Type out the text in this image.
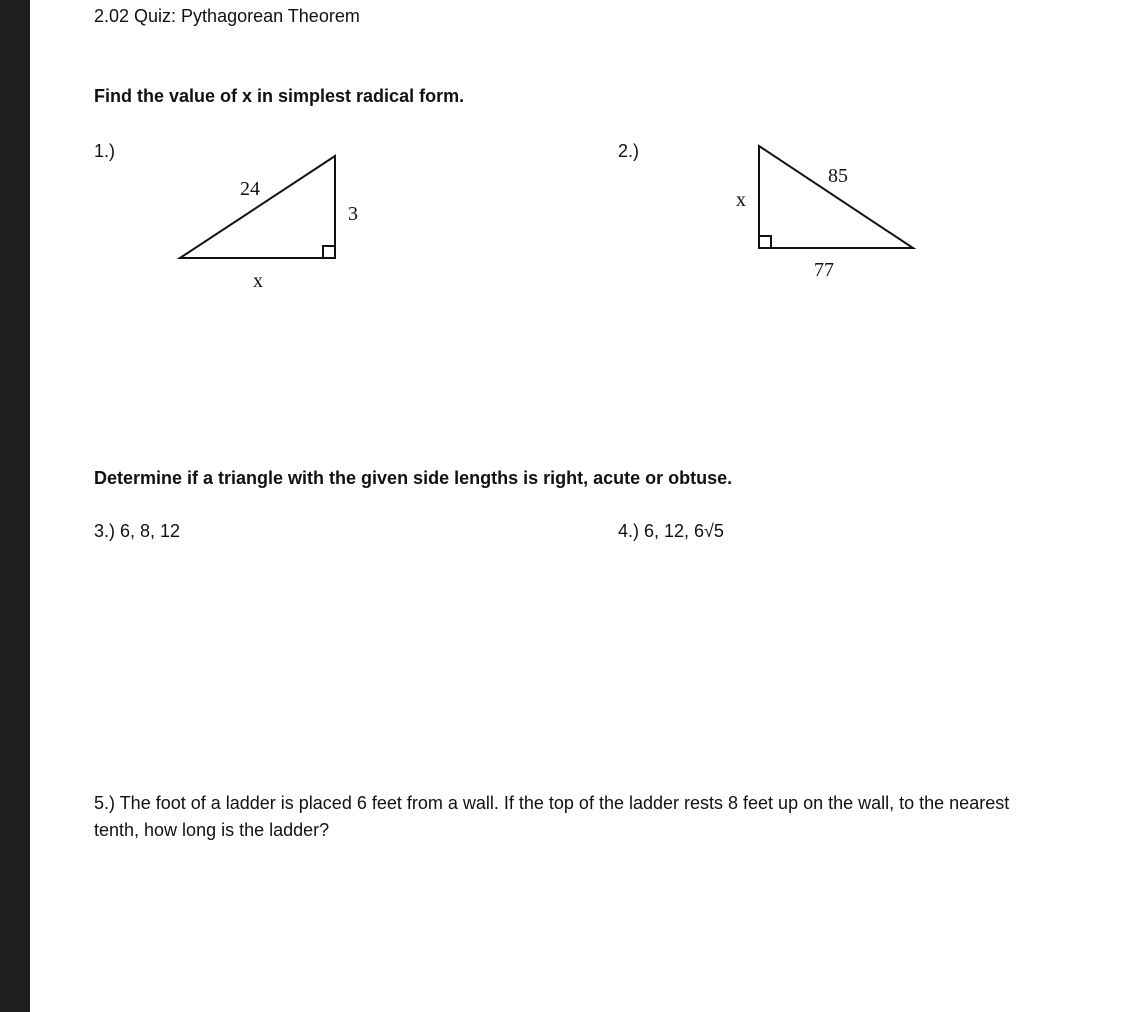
2.02 Quiz: Pythagorean Theorem
Find the value of x in simplest radical form.
1.)
24
3
x
2.)
85
x
77
Determine if a triangle with the given side lengths is right, acute or obtuse.
3.) 6, 8, 12	4.) 6, 12, 6√5
5.) The foot of a ladder is placed 6 feet from a wall. If the top of the ladder rests 8 feet up on the wall, to the nearest tenth, how long is the ladder?
